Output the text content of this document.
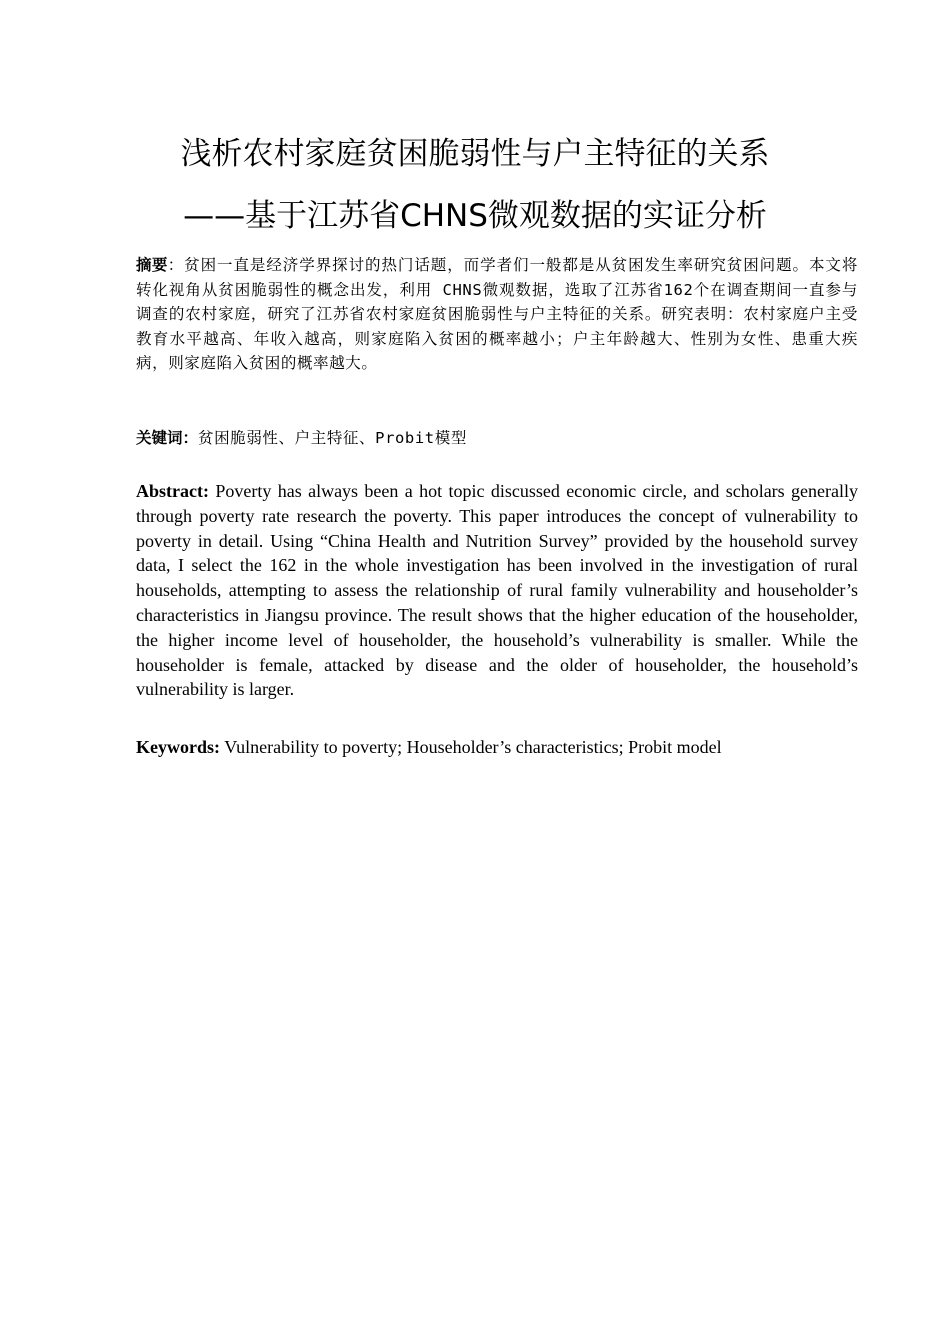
浅析农村家庭贫困脆弱性与户主特征的关系
——基于江苏省CHNS微观数据的实证分析

摘要：贫困一直是经济学界探讨的热门话题，而学者们一般都是从贫困发生率研究贫困问题。本文将转化视角从贫困脆弱性的概念出发，利用 CHNS微观数据，选取了江苏省162个在调查期间一直参与调查的农村家庭，研究了江苏省农村家庭贫困脆弱性与户主特征的关系。研究表明：农村家庭户主受教育水平越高、年收入越高，则家庭陷入贫困的概率越小；户主年龄越大、性别为女性、患重大疾病，则家庭陷入贫困的概率越大。

关键词：贫困脆弱性、户主特征、Probit模型

Abstract: Poverty has always been a hot topic discussed economic circle, and scholars generally through poverty rate research the poverty. This paper introduces the concept of vulnerability to poverty in detail. Using “China Health and Nutrition Survey” provided by the household survey data, I select the 162 in the whole investigation has been involved in the investigation of rural households, attempting to assess the relationship of rural family vulnerability and householder’s characteristics in Jiangsu province. The result shows that the higher education of the householder, the higher income level of householder, the household’s vulnerability is smaller. While the householder is female, attacked by disease and the older of householder, the household’s vulnerability is larger.

Keywords: Vulnerability to poverty; Householder’s characteristics; Probit model
